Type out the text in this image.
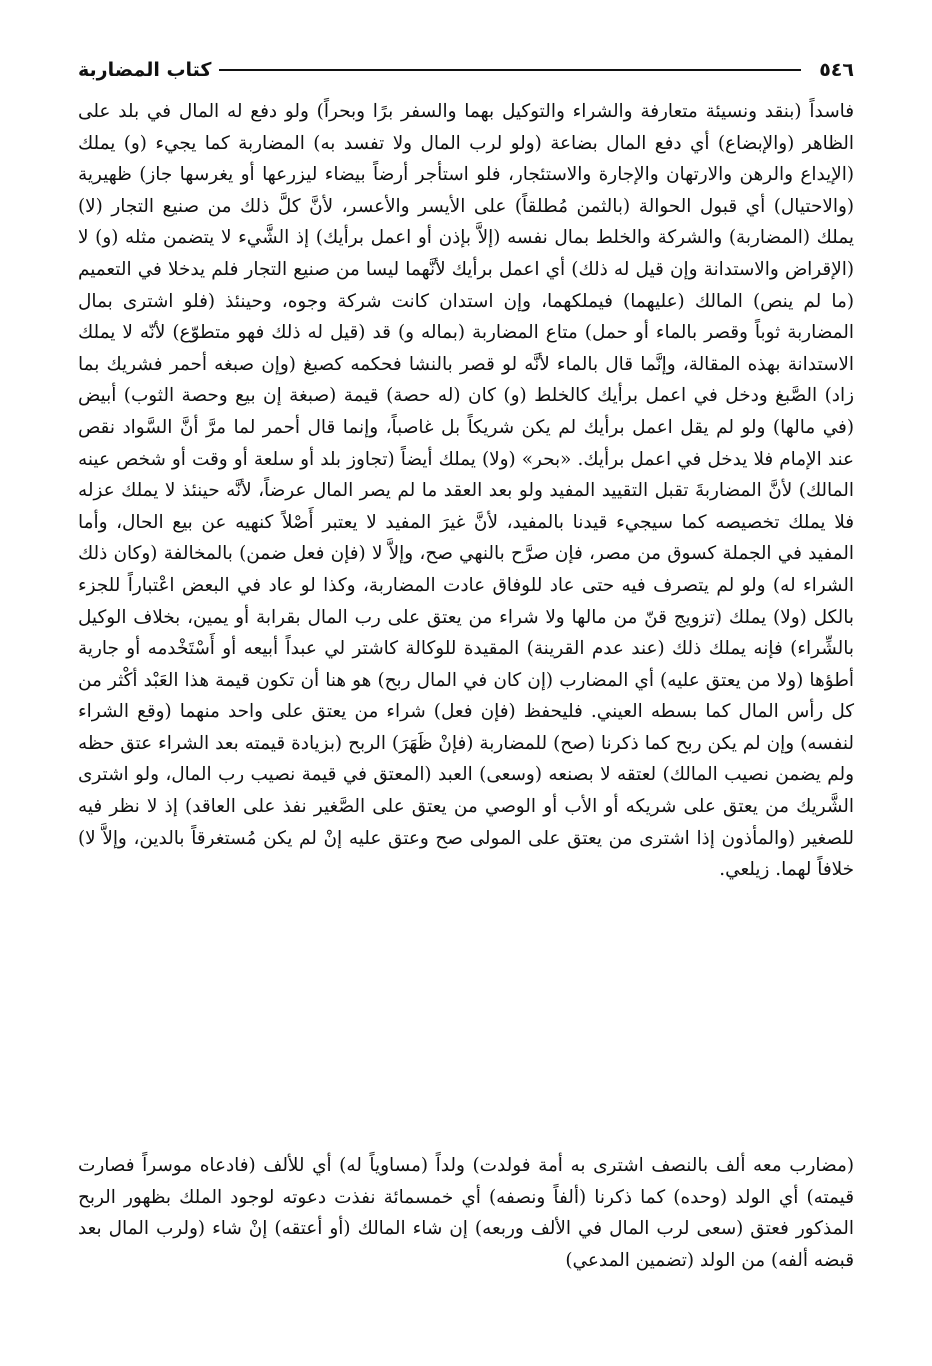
٥٤٦
كتاب المضاربة

فاسداً (بنقد ونسيئة متعارفة والشراء والتوكيل بهما والسفر برًا وبحراً) ولو دفع له المال في بلد على الظاهر (والإبضاع) أي دفع المال بضاعة (ولو لرب المال ولا تفسد به) المضاربة كما يجيء (و) يملك (الإيداع والرهن والارتهان والإجارة والاستئجار، فلو استأجر أرضاً بيضاء ليزرعها أو يغرسها جاز) ظهيرية (والاحتيال) أي قبول الحوالة (بالثمن مُطلقاً) على الأيسر والأعسر، لأنَّ كلَّ ذلك من صنيع التجار (لا) يملك (المضاربة) والشركة والخلط بمال نفسه (إلاَّ بإذن أو اعمل برأيك) إذ الشَّيء لا يتضمن مثله (و) لا (الإقراض والاستدانة وإن قيل له ذلك) أي اعمل برأيك لأنَّهما ليسا من صنيع التجار فلم يدخلا في التعميم (ما لم ينص) المالك (عليهما) فيملكهما، وإن استدان كانت شركة وجوه، وحينئذ (فلو اشترى بمال المضاربة ثوباً وقصر بالماء أو حمل) متاع المضاربة (بماله و) قد (قيل له ذلك فهو متطوّع) لأنّه لا يملك الاستدانة بهذه المقالة، وإنَّما قال بالماء لأنَّه لو قصر بالنشا فحكمه كصبغ (وإن صبغه أحمر فشريك بما زاد) الصَّبغ ودخل في اعمل برأيك كالخلط (و) كان (له حصة) قيمة (صبغة إن بيع وحصة الثوب) أبيض (في مالها) ولو لم يقل اعمل برأيك لم يكن شريكاً بل غاصباً، وإنما قال أحمر لما مرَّ أنَّ السَّواد نقص عند الإمام فلا يدخل في اعمل برأيك. «بحر» (ولا) يملك أيضاً (تجاوز بلد أو سلعة أو وقت أو شخص عينه المالك) لأنَّ المضاربةَ تقبل التقييد المفيد ولو بعد العقد ما لم يصر المال عرضاً، لأنَّه حينئذ لا يملك عزله فلا يملك تخصيصه كما سيجيء قيدنا بالمفيد، لأنَّ غيرَ المفيد لا يعتبر أَصْلاً كنهيه عن بيع الحال، وأما المفيد في الجملة كسوق من مصر، فإن صرَّح بالنهي صح، وإلاَّ لا (فإن فعل ضمن) بالمخالفة (وكان ذلك الشراء له) ولو لم يتصرف فيه حتى عاد للوفاق عادت المضاربة، وكذا لو عاد في البعض اعْتباراً للجزء بالكل (ولا) يملك (تزويج قنّ من مالها ولا شراء من يعتق على رب المال بقرابة أو يمين، بخلاف الوكيل بالشِّراء) فإنه يملك ذلك (عند عدم القرينة) المقيدة للوكالة كاشتر لي عبداً أبيعه أو أَسْتَخْدمه أو جارية أطؤها (ولا من يعتق عليه) أي المضارب (إن كان في المال ربح) هو هنا أن تكون قيمة هذا العَبْد أكْثر من كل رأس المال كما بسطه العيني. فليحفظ (فإن فعل) شراء من يعتق على واحد منهما (وقع الشراء لنفسه) وإن لم يكن ربح كما ذكرنا (صح) للمضاربة (فإنْ ظَهَرَ) الربح (بزيادة قيمته بعد الشراء عتق حظه ولم يضمن نصيب المالك) لعتقه لا بصنعه (وسعى) العبد (المعتق في قيمة نصيب رب المال، ولو اشترى الشَّريك من يعتق على شريكه أو الأب أو الوصي من يعتق على الصَّغير نفذ على العاقد) إذ لا نظر فيه للصغير (والمأذون إذا اشترى من يعتق على المولى صح وعتق عليه إنْ لم يكن مُستغرقاً بالدين، وإلاَّ لا) خلافاً لهما. زيلعي.

(مضارب معه ألف بالنصف اشترى به أمة فولدت) ولداً (مساوياً له) أي للألف (فادعاه موسراً فصارت قيمته) أي الولد (وحده) كما ذكرنا (ألفاً ونصفه) أي خمسمائة نفذت دعوته لوجود الملك بظهور الربح المذكور فعتق (سعى لرب المال في الألف وربعه) إن شاء المالك (أو أعتقه) إنْ شاء (ولرب المال بعد قبضه ألفه) من الولد (تضمين المدعي)
